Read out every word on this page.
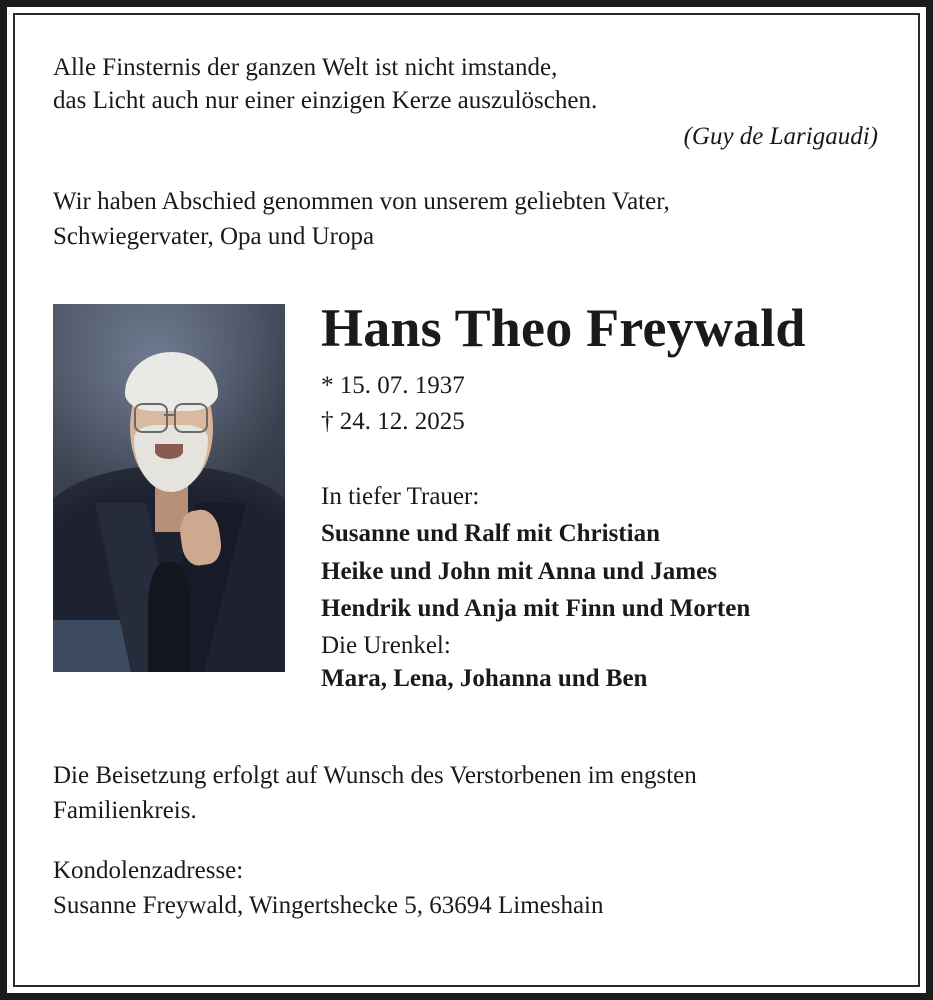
Alle Finsternis der ganzen Welt ist nicht imstande,
das Licht auch nur einer einzigen Kerze auszulöschen.
(Guy de Larigaudi)
Wir haben Abschied genommen von unserem geliebten Vater,
Schwiegervater, Opa und Uropa
Hans Theo Freywald
* 15. 07. 1937
† 24. 12. 2025
In tiefer Trauer:
Susanne und Ralf mit Christian
Heike und John mit Anna und James
Hendrik und Anja mit Finn und Morten
Die Urenkel:
Mara, Lena, Johanna und Ben
Die Beisetzung erfolgt auf Wunsch des Verstorbenen im engsten
Familienkreis.
Kondolenzadresse:
Susanne Freywald, Wingertshecke 5, 63694 Limeshain
